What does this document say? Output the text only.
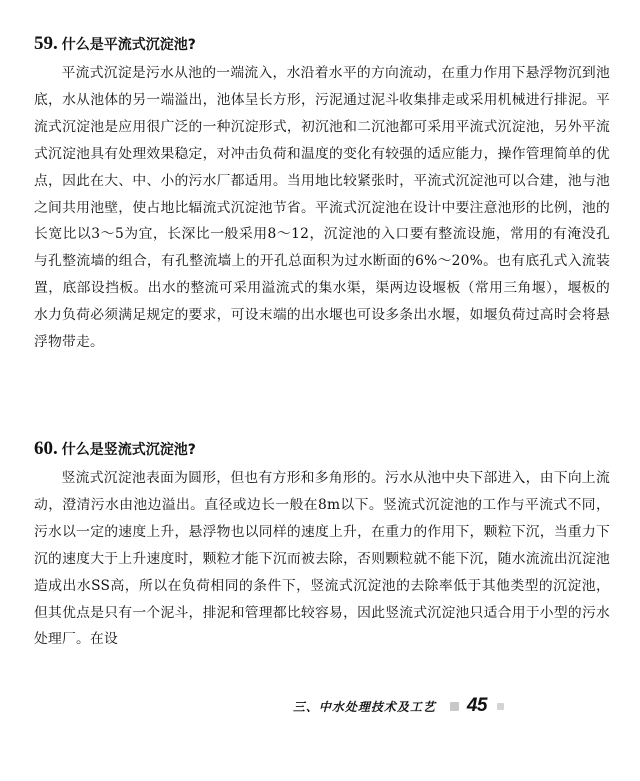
59. 什么是平流式沉淀池?

平流式沉淀是污水从池的一端流入，水沿着水平的方向流动，在重力作用下悬浮物沉到池底，水从池体的另一端溢出，池体呈长方形，污泥通过泥斗收集排走或采用机械进行排泥。平流式沉淀池是应用很广泛的一种沉淀形式，初沉池和二沉池都可采用平流式沉淀池，另外平流式沉淀池具有处理效果稳定，对冲击负荷和温度的变化有较强的适应能力，操作管理简单的优点，因此在大、中、小的污水厂都适用。当用地比较紧张时，平流式沉淀池可以合建，池与池之间共用池壁，使占地比辐流式沉淀池节省。平流式沉淀池在设计中要注意池形的比例，池的长宽比以3～5为宜，长深比一般采用8～12，沉淀池的入口要有整流设施，常用的有淹没孔与孔整流墙的组合，有孔整流墙上的开孔总面积为过水断面的6%～20%。也有底孔式入流装置，底部设挡板。出水的整流可采用溢流式的集水渠，渠两边设堰板（常用三角堰），堰板的水力负荷必须满足规定的要求，可设末端的出水堰也可设多条出水堰，如堰负荷过高时会将悬浮物带走。

60. 什么是竖流式沉淀池?

竖流式沉淀池表面为圆形，但也有方形和多角形的。污水从池中央下部进入，由下向上流动，澄清污水由池边溢出。直径或边长一般在8m以下。竖流式沉淀池的工作与平流式不同，污水以一定的速度上升，悬浮物也以同样的速度上升，在重力的作用下，颗粒下沉，当重力下沉的速度大于上升速度时，颗粒才能下沉而被去除，否则颗粒就不能下沉，随水流流出沉淀池造成出水SS高，所以在负荷相同的条件下，竖流式沉淀池的去除率低于其他类型的沉淀池，但其优点是只有一个泥斗，排泥和管理都比较容易，因此竖流式沉淀池只适合用于小型的污水处理厂。在设

三、中水处理技术及工艺 45
